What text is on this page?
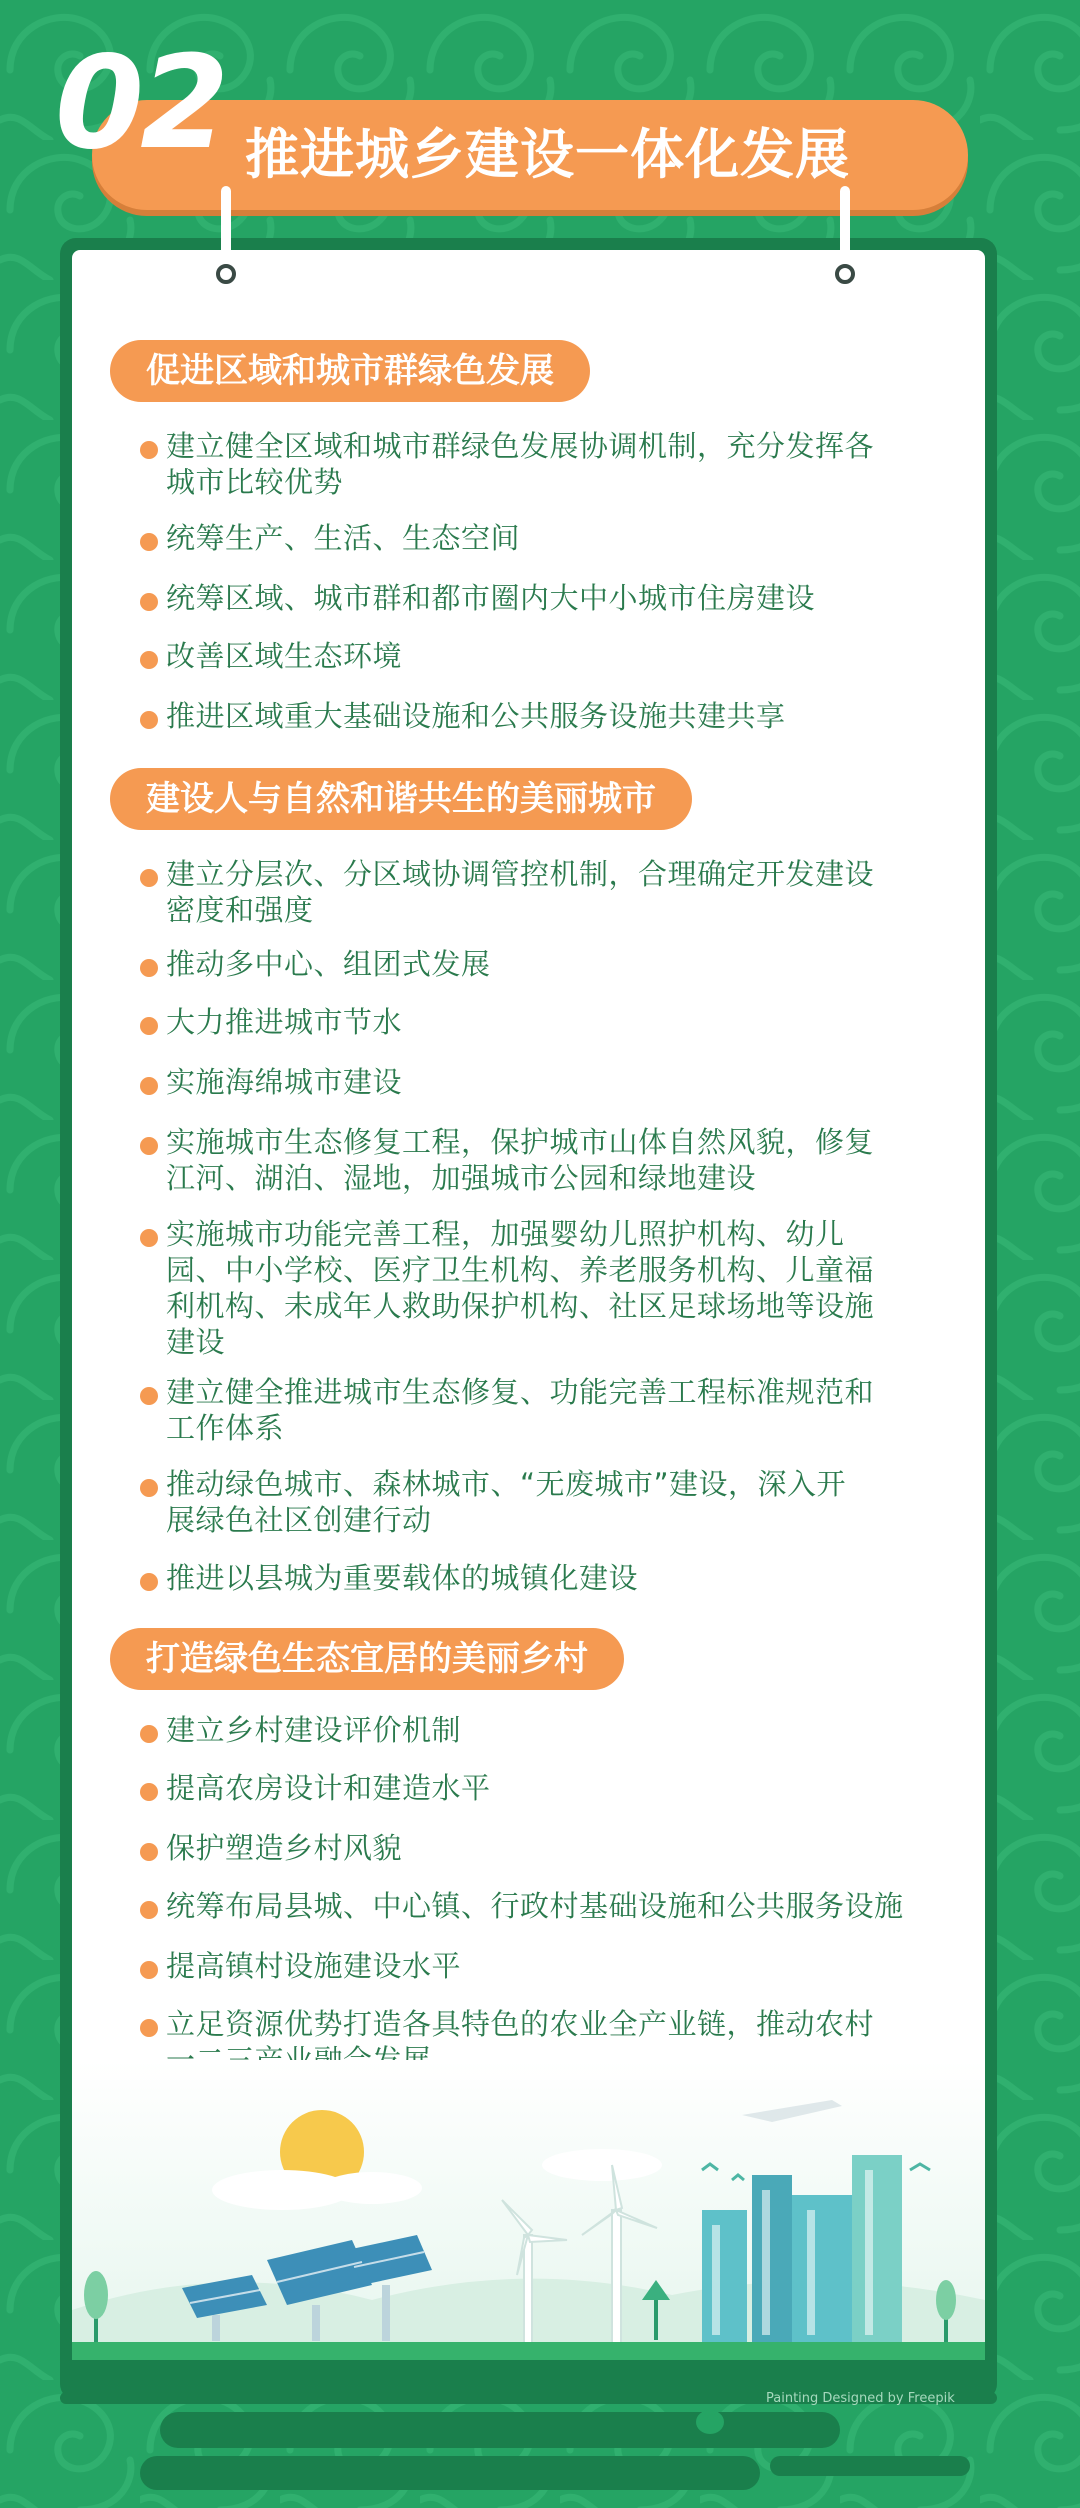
02 推进城乡建设一体化发展
促进区域和城市群绿色发展
建立健全区域和城市群绿色发展协调机制，充分发挥各
城市比较优势
统筹生产、生活、生态空间
统筹区域、城市群和都市圈内大中小城市住房建设
改善区域生态环境
推进区域重大基础设施和公共服务设施共建共享
建设人与自然和谐共生的美丽城市
建立分层次、分区域协调管控机制，合理确定开发建设
密度和强度
推动多中心、组团式发展
大力推进城市节水
实施海绵城市建设
实施城市生态修复工程，保护城市山体自然风貌，修复
江河、湖泊、湿地，加强城市公园和绿地建设
实施城市功能完善工程，加强婴幼儿照护机构、幼儿
园、中小学校、医疗卫生机构、养老服务机构、儿童福
利机构、未成年人救助保护机构、社区足球场地等设施
建设
建立健全推进城市生态修复、功能完善工程标准规范和
工作体系
推动绿色城市、森林城市、“无废城市”建设，深入开
展绿色社区创建行动
推进以县城为重要载体的城镇化建设
打造绿色生态宜居的美丽乡村
建立乡村建设评价机制
提高农房设计和建造水平
保护塑造乡村风貌
统筹布局县城、中心镇、行政村基础设施和公共服务设施
提高镇村设施建设水平
立足资源优势打造各具特色的农业全产业链，推动农村
Painting Designed by Freepik
